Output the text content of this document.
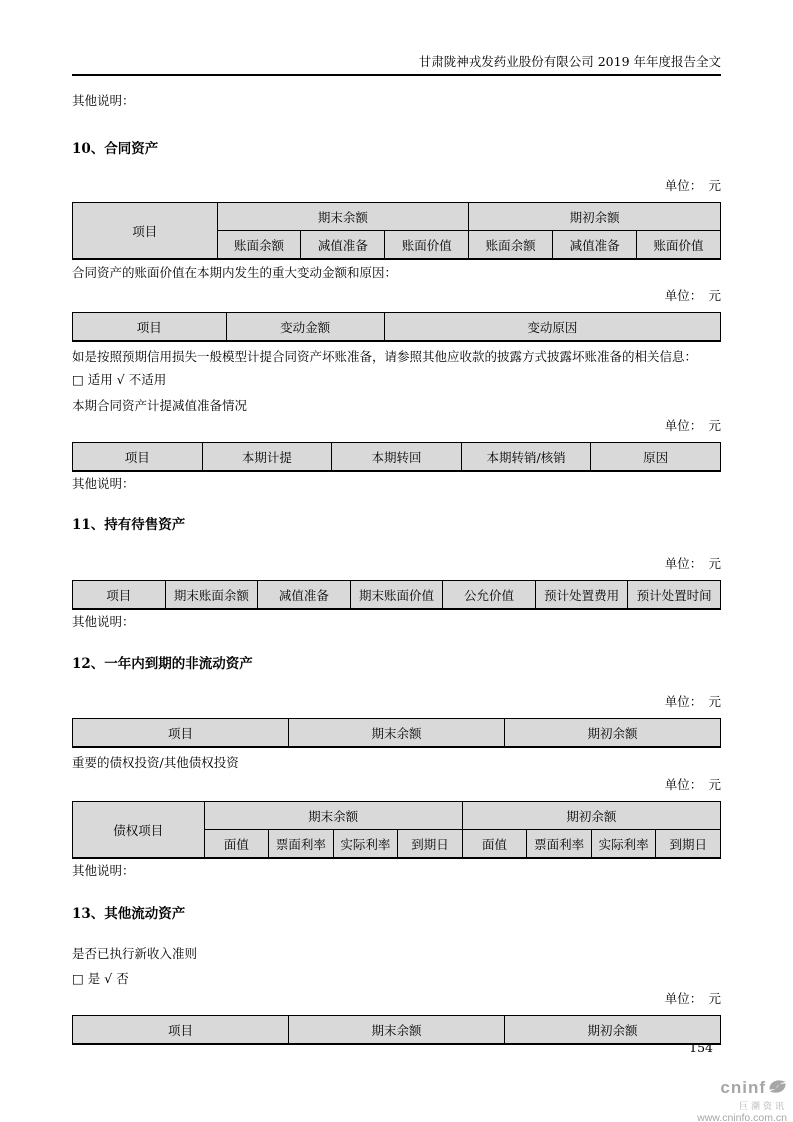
甘肃陇神戎发药业股份有限公司 2019 年年度报告全文

其他说明：

10、合同资产
单位：　元
项目	期末余额			期初余额		
	账面余额	减值准备	账面价值	账面余额	减值准备	账面价值

合同资产的账面价值在本期内发生的重大变动金额和原因：

单位：　元
项目	变动金额	变动原因

如是按照预期信用损失一般模型计提合同资产坏账准备，请参照其他应收款的披露方式披露坏账准备的相关信息：

□ 适用 √ 不适用

本期合同资产计提减值准备情况

单位：　元
项目	本期计提	本期转回	本期转销/核销	原因

其他说明：

11、持有待售资产
单位：　元
项目	期末账面余额	减值准备	期末账面价值	公允价值	预计处置费用	预计处置时间

其他说明：

12、一年内到期的非流动资产
单位：　元
项目	期末余额	期初余额

重要的债权投资/其他债权投资

单位：　元
债权项目	期末余额				期初余额			
	面值	票面利率	实际利率	到期日	面值	票面利率	实际利率	到期日

其他说明：

13、其他流动资产

是否已执行新收入准则

□ 是 √ 否

单位：　元
项目	期末余额	期初余额
154
cninf
巨潮资讯
www.cninfo.com.cn
